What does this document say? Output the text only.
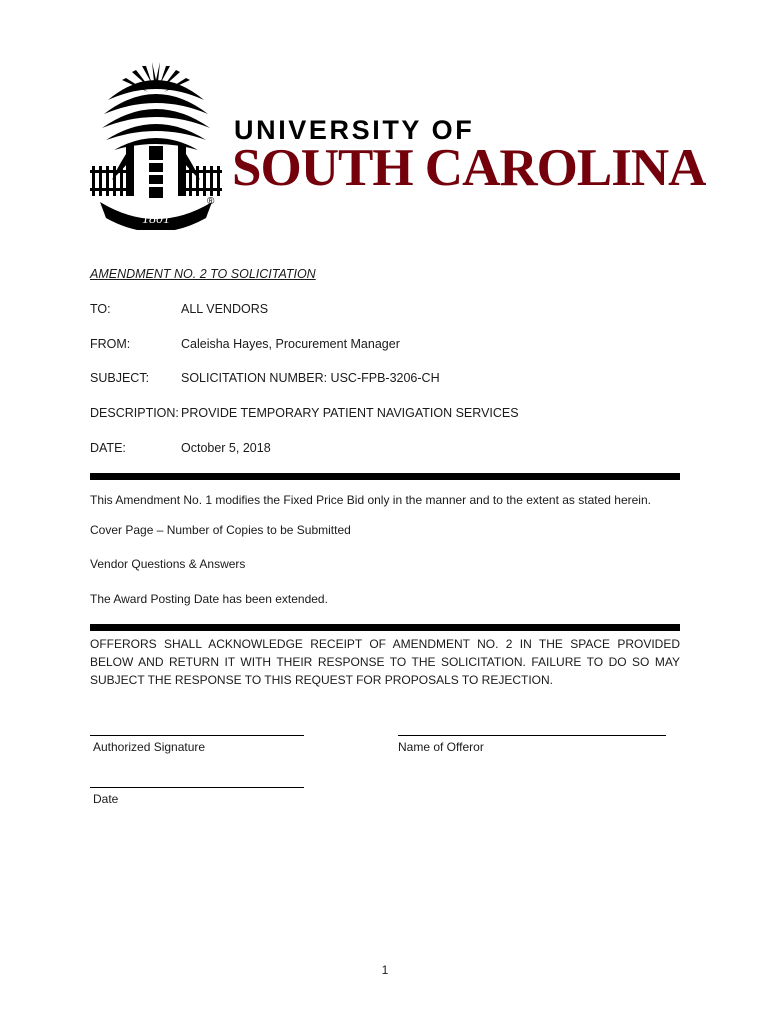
1801
®
UNIVERSITY OF
SOUTH CAROLINA
AMENDMENT NO. 2 TO SOLICITATION
TO:	ALL VENDORS
FROM:	Caleisha Hayes, Procurement Manager
SUBJECT:	SOLICITATION NUMBER: USC-FPB-3206-CH
DESCRIPTION: PROVIDE TEMPORARY PATIENT NAVIGATION SERVICES
DATE:	October 5, 2018
This Amendment No. 1 modifies the Fixed Price Bid only in the manner and to the extent as stated herein.
Cover Page – Number of Copies to be Submitted
Vendor Questions & Answers
The Award Posting Date has been extended.
OFFERORS SHALL ACKNOWLEDGE RECEIPT OF AMENDMENT NO. 2 IN THE SPACE PROVIDED BELOW AND RETURN IT WITH THEIR RESPONSE TO THE SOLICITATION. FAILURE TO DO SO MAY SUBJECT THE RESPONSE TO THIS REQUEST FOR PROPOSALS TO REJECTION.
Authorized Signature	Name of Offeror
Date
1
